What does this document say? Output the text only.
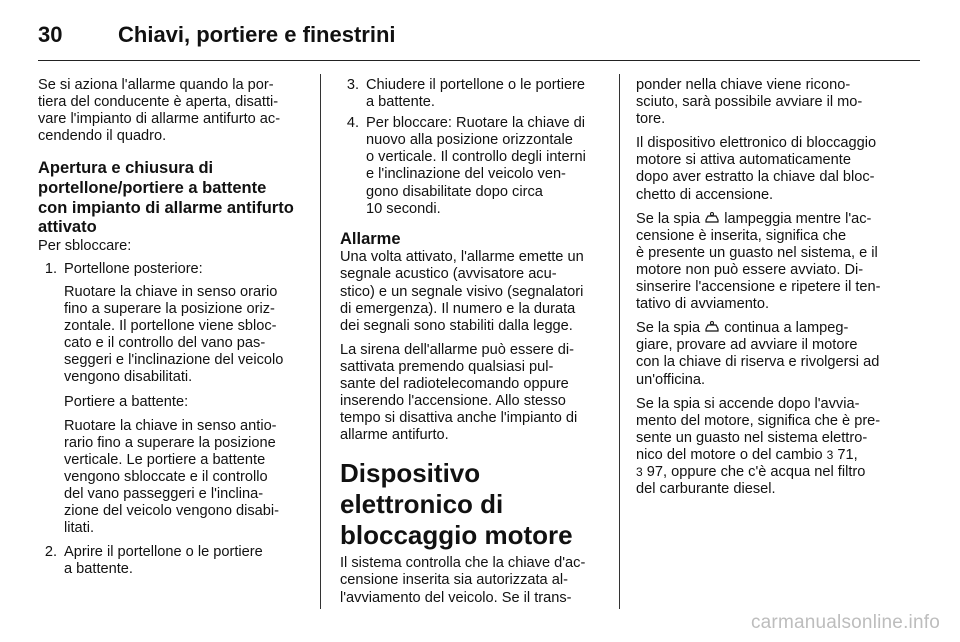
30	Chiavi, portiere e finestrini

Se si aziona l'allarme quando la por-
tiera del conducente è aperta, disatti-
vare l'impianto di allarme antifurto ac-
cendendo il quadro.

Apertura e chiusura di
portellone/portiere a battente
con impianto di allarme antifurto
attivato

Per sbloccare:

1. Portellone posteriore:

Ruotare la chiave in senso orario
fino a superare la posizione oriz-
zontale. Il portellone viene sbloc-
cato e il controllo del vano pas-
seggeri e l'inclinazione del veicolo
vengono disabilitati.

Portiere a battente:

Ruotare la chiave in senso antio-
rario fino a superare la posizione
verticale. Le portiere a battente
vengono sbloccate e il controllo
del vano passeggeri e l'inclina-
zione del veicolo vengono disabi-
litati.

2. Aprire il portellone o le portiere
a battente.
3. Chiudere il portellone o le portiere
a battente.
4. Per bloccare: Ruotare la chiave di
nuovo alla posizione orizzontale
o verticale. Il controllo degli interni
e l'inclinazione del veicolo ven-
gono disabilitate dopo circa
10 secondi.

Allarme

Una volta attivato, l'allarme emette un
segnale acustico (avvisatore acu-
stico) e un segnale visivo (segnalatori
di emergenza). Il numero e la durata
dei segnali sono stabiliti dalla legge.

La sirena dell'allarme può essere di-
sattivata premendo qualsiasi pul-
sante del radiotelecomando oppure
inserendo l'accensione. Allo stesso
tempo si disattiva anche l'impianto di
allarme antifurto.

Dispositivo elettronico di
bloccaggio motore

Il sistema controlla che la chiave d'ac-
censione inserita sia autorizzata al-
l'avviamento del veicolo. Se il trans-

ponder nella chiave viene ricono-
sciuto, sarà possibile avviare il mo-
tore.

Il dispositivo elettronico di bloccaggio
motore si attiva automaticamente
dopo aver estratto la chiave dal bloc-
chetto di accensione.

Se la spia lampeggia mentre l'ac-
censione è inserita, significa che
è presente un guasto nel sistema, e il
motore non può essere avviato. Di-
sinserire l'accensione e ripetere il ten-
tativo di avviamento.

Se la spia continua a lampeg-
giare, provare ad avviare il motore
con la chiave di riserva e rivolgersi ad
un'officina.

Se la spia si accende dopo l'avvia-
mento del motore, significa che è pre-
sente un guasto nel sistema elettro-
nico del motore o del cambio 3 71,
3 97, oppure che c'è acqua nel filtro
del carburante diesel.

carmanualsonline.info
